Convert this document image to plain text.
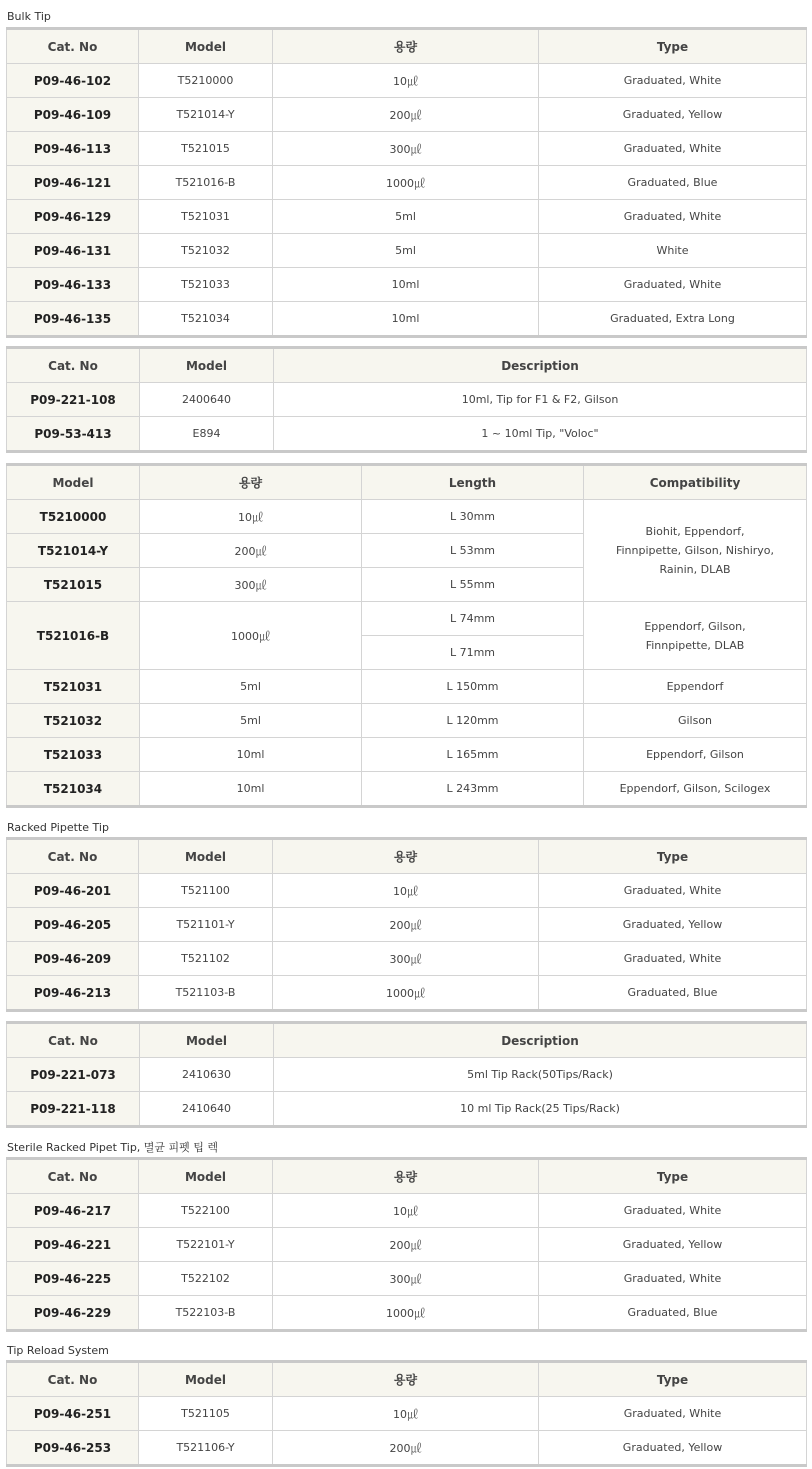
Bulk Tip
Cat. No	Model	용량	Type
P09-46-102	T5210000	10㎕	Graduated, White
P09-46-109	T521014-Y	200㎕	Graduated, Yellow
P09-46-113	T521015	300㎕	Graduated, White
P09-46-121	T521016-B	1000㎕	Graduated, Blue
P09-46-129	T521031	5ml	Graduated, White
P09-46-131	T521032	5ml	White
P09-46-133	T521033	10ml	Graduated, White
P09-46-135	T521034	10ml	Graduated, Extra Long
Cat. No	Model	Description
P09-221-108	2400640	10ml, Tip for F1 & F2, Gilson
P09-53-413	E894	1 ~ 10ml Tip, "Voloc"
Model	용량	Length	Compatibility
T5210000	10㎕	L 30mm	Biohit, Eppendorf, Finnpipette, Gilson, Nishiryo, Rainin, DLAB
T521014-Y	200㎕	L 53mm	
T521015	300㎕	L 55mm	
T521016-B	1000㎕	L 74mm	Eppendorf, Gilson, Finnpipette, DLAB
		L 71mm	
T521031	5ml	L 150mm	Eppendorf
T521032	5ml	L 120mm	Gilson
T521033	10ml	L 165mm	Eppendorf, Gilson
T521034	10ml	L 243mm	Eppendorf, Gilson, Scilogex
Racked Pipette Tip
Cat. No	Model	용량	Type
P09-46-201	T521100	10㎕	Graduated, White
P09-46-205	T521101-Y	200㎕	Graduated, Yellow
P09-46-209	T521102	300㎕	Graduated, White
P09-46-213	T521103-B	1000㎕	Graduated, Blue
Cat. No	Model	Description
P09-221-073	2410630	5ml Tip Rack(50Tips/Rack)
P09-221-118	2410640	10 ml Tip Rack(25 Tips/Rack)
Sterile Racked Pipet Tip, 멸균 피펫 팁 렉
Cat. No	Model	용량	Type
P09-46-217	T522100	10㎕	Graduated, White
P09-46-221	T522101-Y	200㎕	Graduated, Yellow
P09-46-225	T522102	300㎕	Graduated, White
P09-46-229	T522103-B	1000㎕	Graduated, Blue
Tip Reload System
Cat. No	Model	용량	Type
P09-46-251	T521105	10㎕	Graduated, White
P09-46-253	T521106-Y	200㎕	Graduated, Yellow
